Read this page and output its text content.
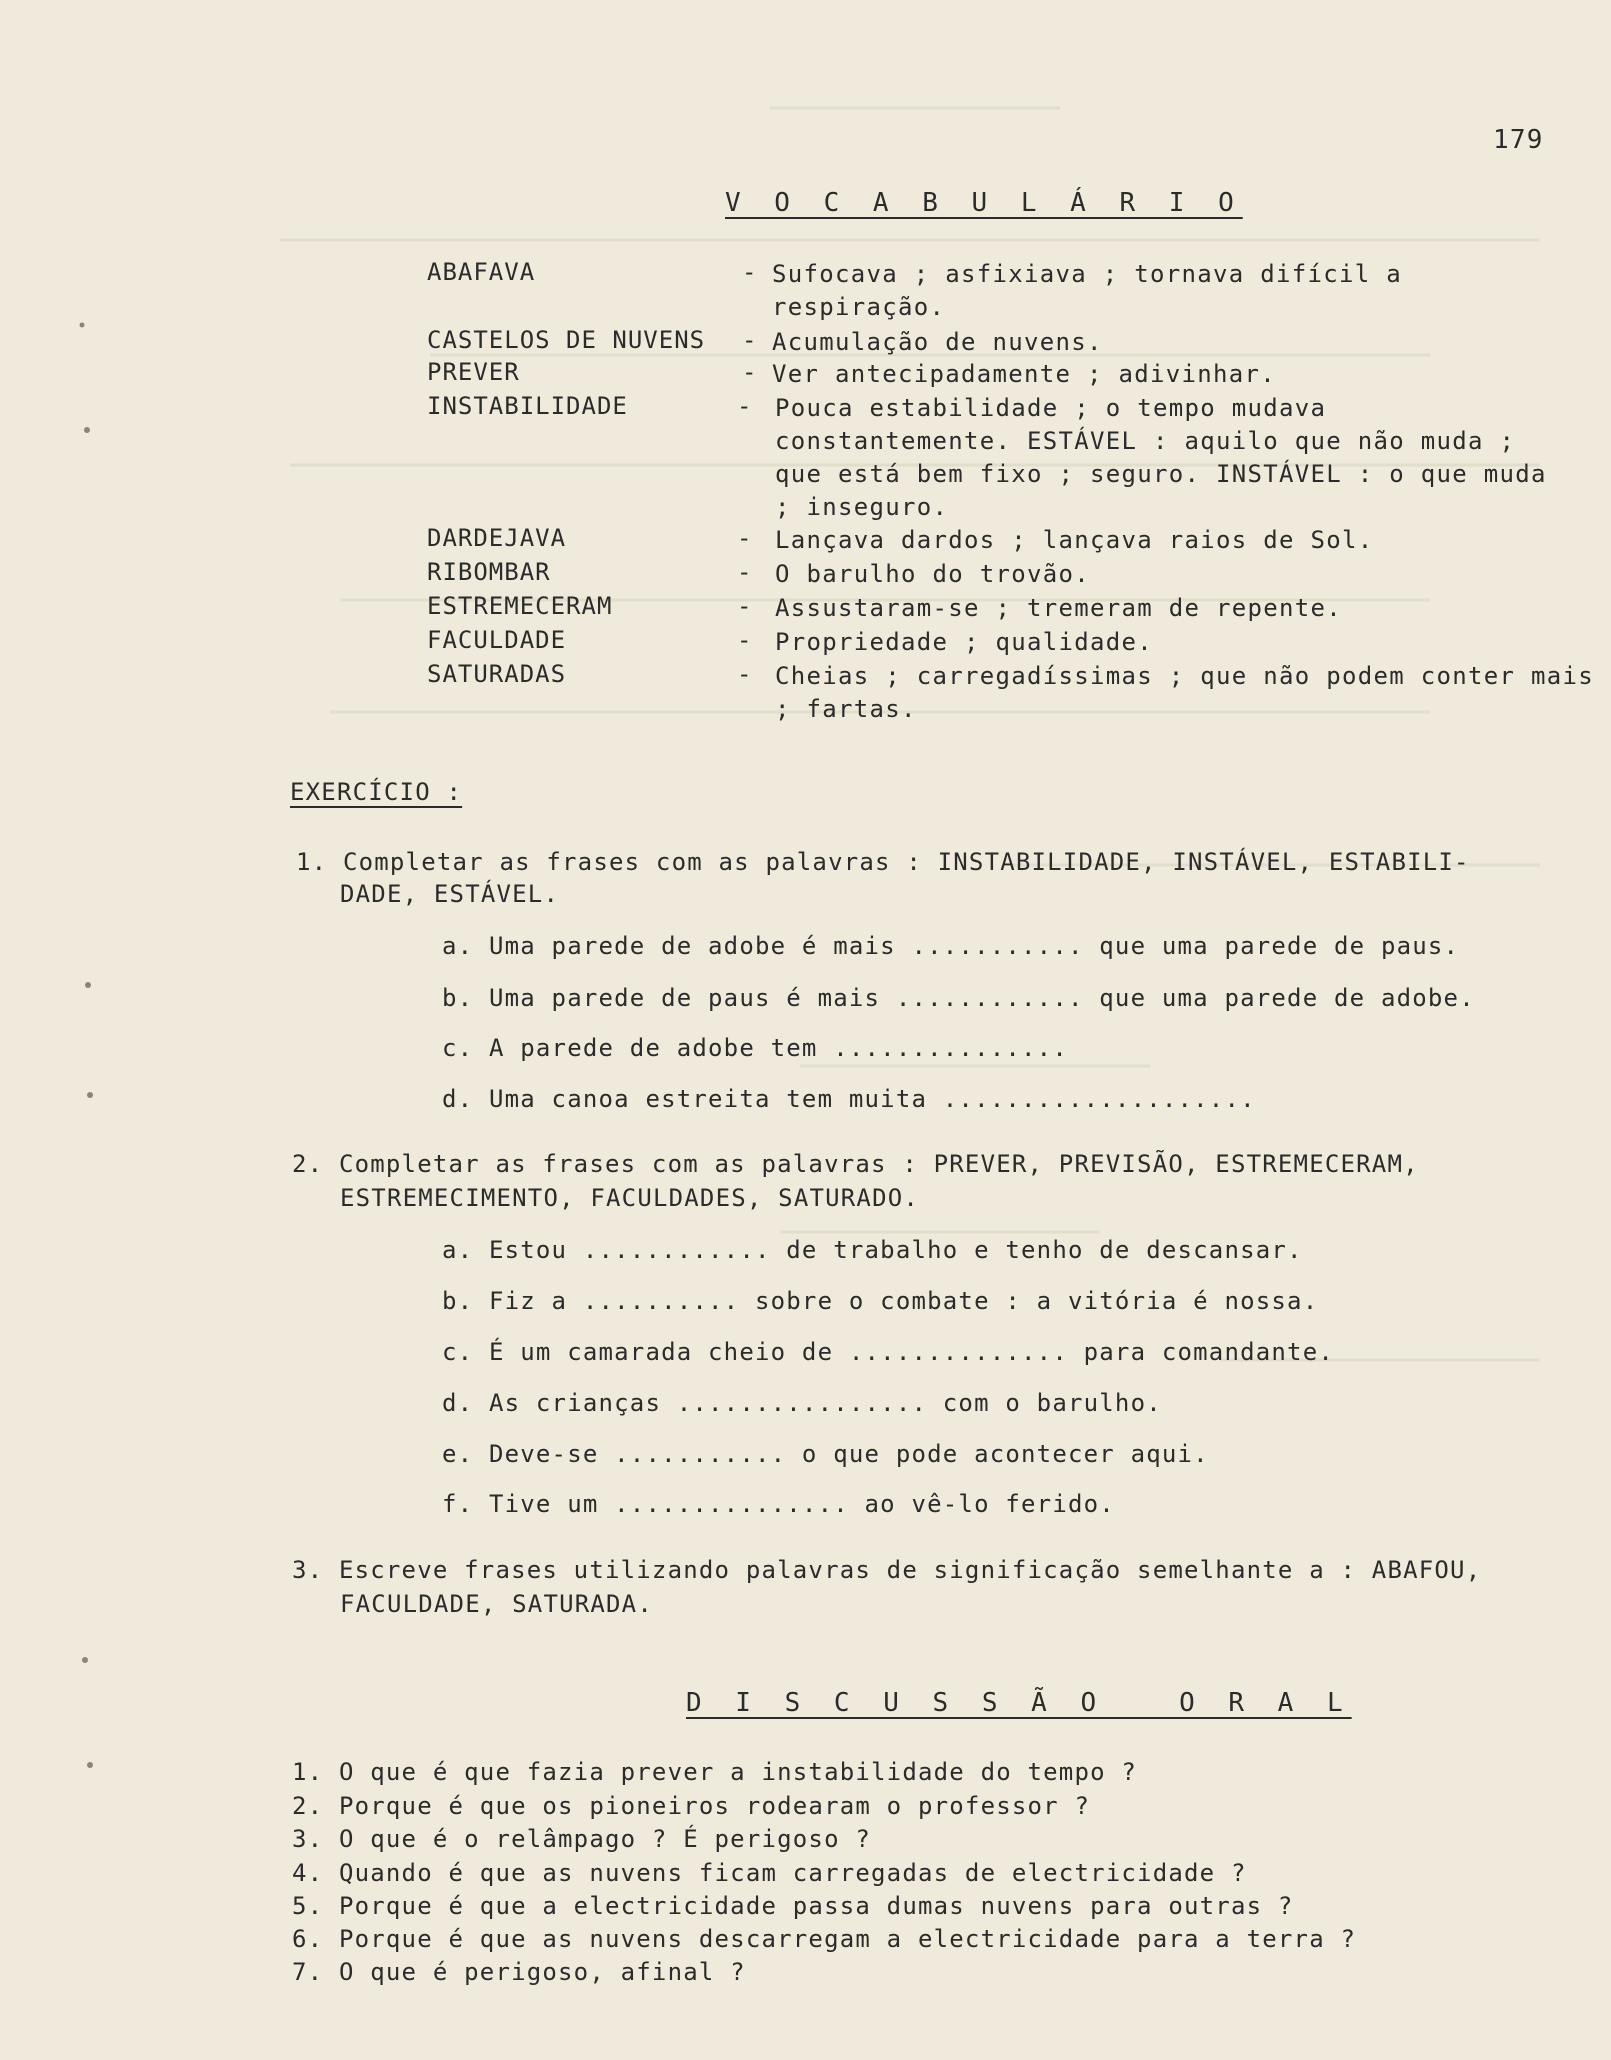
179
V O C A B U L Á R I O
ABAFAVA	- Sufocava ; asfixiava ; tornava difícil a respiração.
CASTELOS DE NUVENS - Acumulação de nuvens.
PREVER	- Ver antecipadamente ; adivinhar.
INSTABILIDADE	- Pouca estabilidade ; o tempo mudava constantemente. ESTÁVEL : aquilo que não muda ; que está bem fixo ; seguro. INSTÁVEL : o que muda ; inseguro.
DARDEJAVA	- Lançava dardos ; lançava raios de Sol.
RIBOMBAR	- O barulho do trovão.
ESTREMECERAM	- Assustaram-se ; tremeram de repente.
FACULDADE	- Propriedade ; qualidade.
SATURADAS	- Cheias ; carregadíssimas ; que não podem conter mais ; fartas.
EXERCÍCIO :
1. Completar as frases com as palavras : INSTABILIDADE, INSTÁVEL, ESTABILI-
DADE, ESTÁVEL.
a. Uma parede de adobe é mais ........... que uma parede de paus.
b. Uma parede de paus é mais ............ que uma parede de adobe.
c. A parede de adobe tem ...............
d. Uma canoa estreita tem muita ....................
2. Completar as frases com as palavras : PREVER, PREVISÃO, ESTREMECERAM,
ESTREMECIMENTO, FACULDADES, SATURADO.
a. Estou ............ de trabalho e tenho de descansar.
b. Fiz a .......... sobre o combate : a vitória é nossa.
c. É um camarada cheio de .............. para comandante.
d. As crianças ................ com o barulho.
e. Deve-se ........... o que pode acontecer aqui.
f. Tive um ............... ao vê-lo ferido.
3. Escreve frases utilizando palavras de significação semelhante a : ABAFOU,
FACULDADE, SATURADA.
D I S C U S S Ã O   O R A L
1. O que é que fazia prever a instabilidade do tempo ?
2. Porque é que os pioneiros rodearam o professor ?
3. O que é o relâmpago ? É perigoso ?
4. Quando é que as nuvens ficam carregadas de electricidade ?
5. Porque é que a electricidade passa dumas nuvens para outras ?
6. Porque é que as nuvens descarregam a electricidade para a terra ?
7. O que é perigoso, afinal ?
